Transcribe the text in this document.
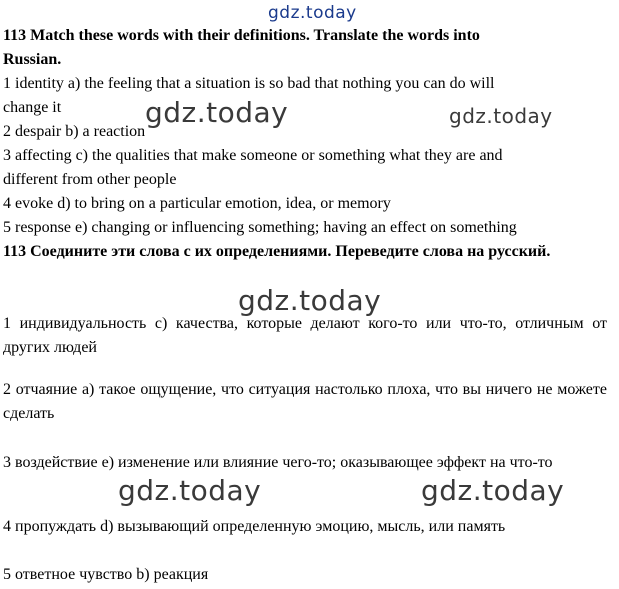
gdz.today
113 Match these words with their definitions. Translate the words into
Russian.
1 identity a) the feeling that a situation is so bad that nothing you can do will
change it
2 despair b) a reaction
3 affecting c) the qualities that make someone or something what they are and
different from other people
4 evoke d) to bring on a particular emotion, idea, or memory
5 response e) changing or influencing something; having an effect on something
113 Соедините эти слова с их определениями. Переведите слова на русский.
1 индивидуальность c) качества, которые делают кого-то или что-то, отличным от других людей
2 отчаяние a) такое ощущение, что ситуация настолько плоха, что вы ничего не можете сделать
3 воздействие e) изменение или влияние чего-то; оказывающее эффект на что-то
4 пропуждать d) вызывающий определенную эмоцию, мысль, или память
5 ответное чувство b) реакция
gdz.today	gdz.today
gdz.today
gdz.today	gdz.today
